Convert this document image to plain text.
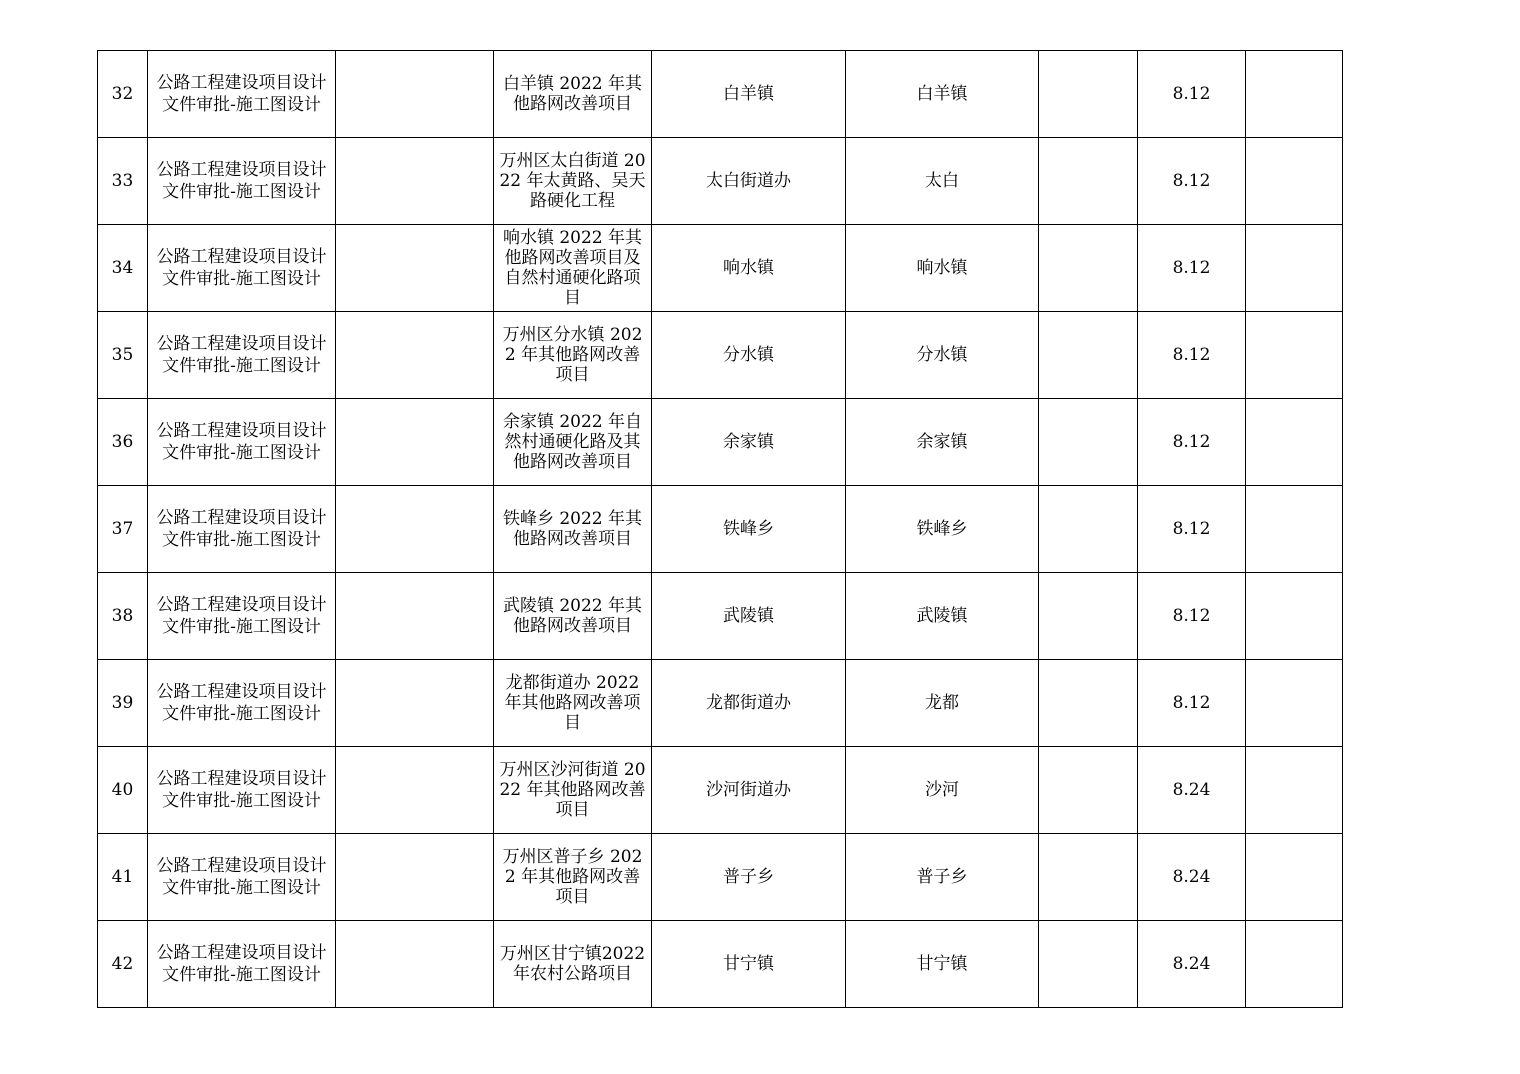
32	公路工程建设项目设计文件审批-施工图设计		白羊镇 2022 年其他路网改善项目	白羊镇	白羊镇		8.12	
33	公路工程建设项目设计文件审批-施工图设计		万州区太白街道 2022 年太黄路、吴天路硬化工程	太白街道办	太白		8.12	
34	公路工程建设项目设计文件审批-施工图设计		响水镇 2022 年其他路网改善项目及自然村通硬化路项目	响水镇	响水镇		8.12	
35	公路工程建设项目设计文件审批-施工图设计		万州区分水镇 2022 年其他路网改善项目	分水镇	分水镇		8.12	
36	公路工程建设项目设计文件审批-施工图设计		余家镇 2022 年自然村通硬化路及其他路网改善项目	余家镇	余家镇		8.12	
37	公路工程建设项目设计文件审批-施工图设计		铁峰乡 2022 年其他路网改善项目	铁峰乡	铁峰乡		8.12	
38	公路工程建设项目设计文件审批-施工图设计		武陵镇 2022 年其他路网改善项目	武陵镇	武陵镇		8.12	
39	公路工程建设项目设计文件审批-施工图设计		龙都街道办 2022 年其他路网改善项目	龙都街道办	龙都		8.12	
40	公路工程建设项目设计文件审批-施工图设计		万州区沙河街道 2022 年其他路网改善项目	沙河街道办	沙河		8.24	
41	公路工程建设项目设计文件审批-施工图设计		万州区普子乡 2022 年其他路网改善项目	普子乡	普子乡		8.24	
42	公路工程建设项目设计文件审批-施工图设计		万州区甘宁镇2022年农村公路项目	甘宁镇	甘宁镇		8.24	
